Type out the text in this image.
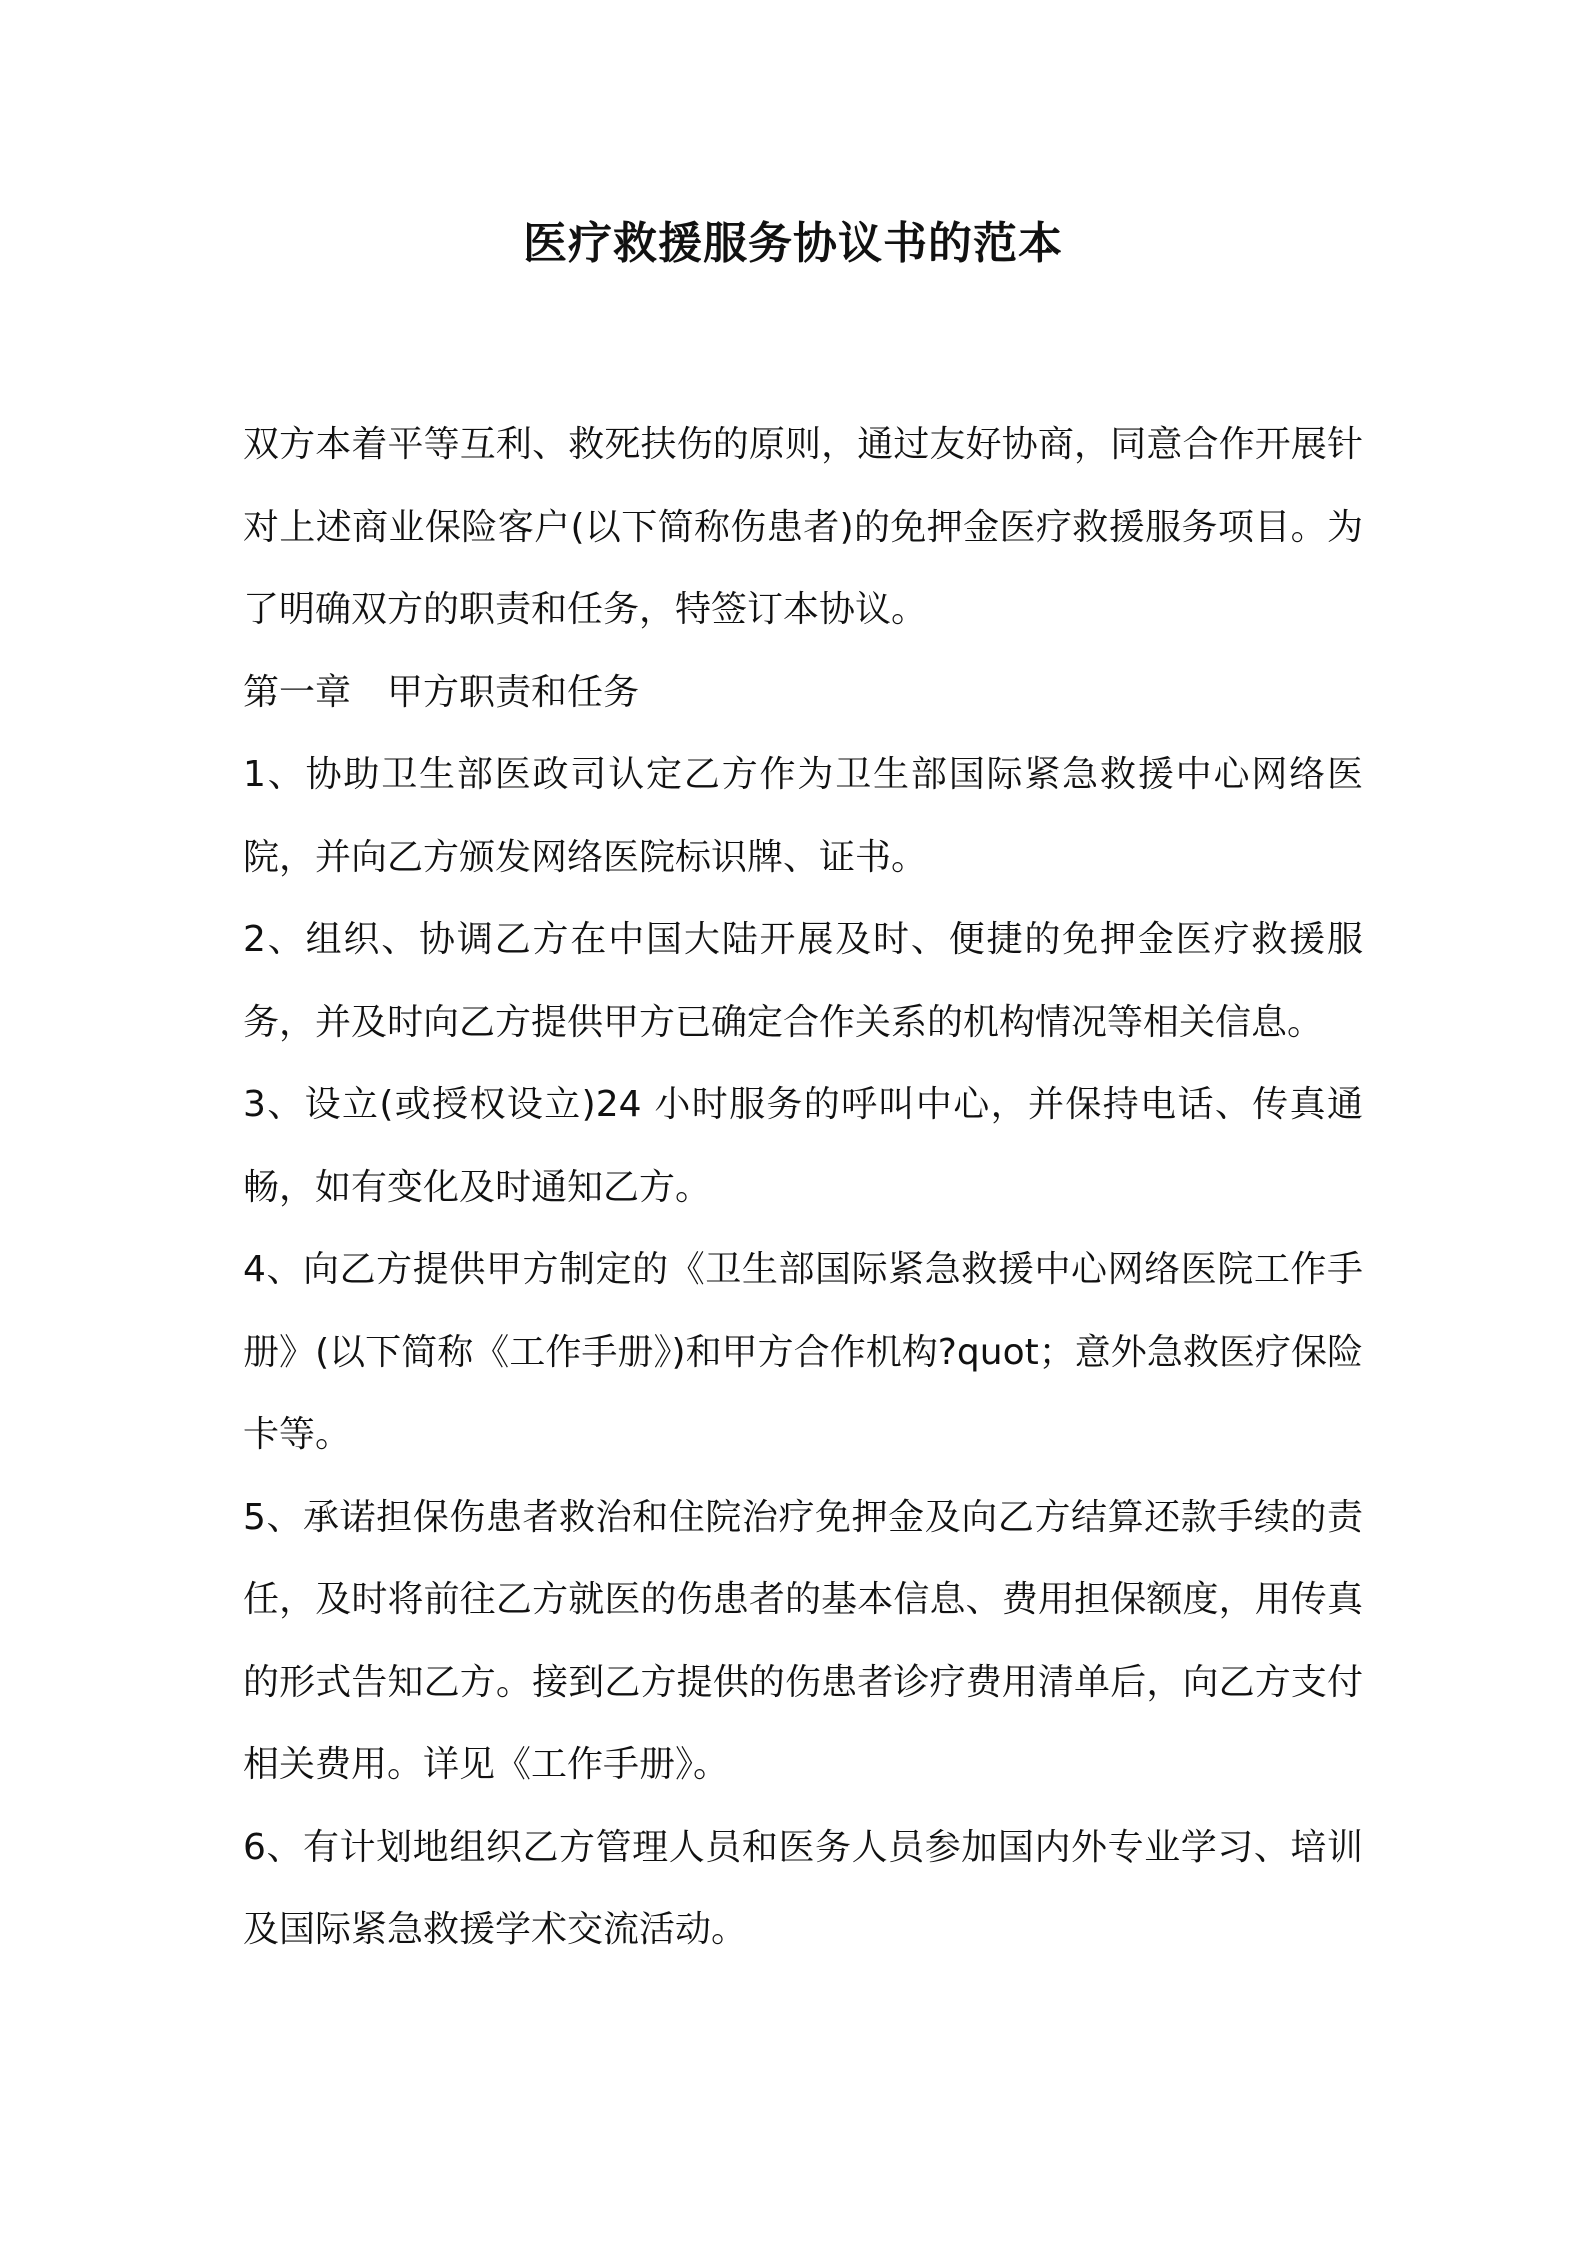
医疗救援服务协议书的范本

双方本着平等互利、救死扶伤的原则，通过友好协商，同意合作开展针对上述商业保险客户(以下简称伤患者)的免押金医疗救援服务项目。为了明确双方的职责和任务，特签订本协议。

第一章　甲方职责和任务

1、协助卫生部医政司认定乙方作为卫生部国际紧急救援中心网络医院，并向乙方颁发网络医院标识牌、证书。

2、组织、协调乙方在中国大陆开展及时、便捷的免押金医疗救援服务，并及时向乙方提供甲方已确定合作关系的机构情况等相关信息。

3、设立(或授权设立)24 小时服务的呼叫中心，并保持电话、传真通畅，如有变化及时通知乙方。

4、向乙方提供甲方制定的《卫生部国际紧急救援中心网络医院工作手册》(以下简称《工作手册》)和甲方合作机构?quot；意外急救医疗保险卡等。

5、承诺担保伤患者救治和住院治疗免押金及向乙方结算还款手续的责任，及时将前往乙方就医的伤患者的基本信息、费用担保额度，用传真的形式告知乙方。接到乙方提供的伤患者诊疗费用清单后，向乙方支付相关费用。详见《工作手册》。

6、有计划地组织乙方管理人员和医务人员参加国内外专业学习、培训及国际紧急救援学术交流活动。
